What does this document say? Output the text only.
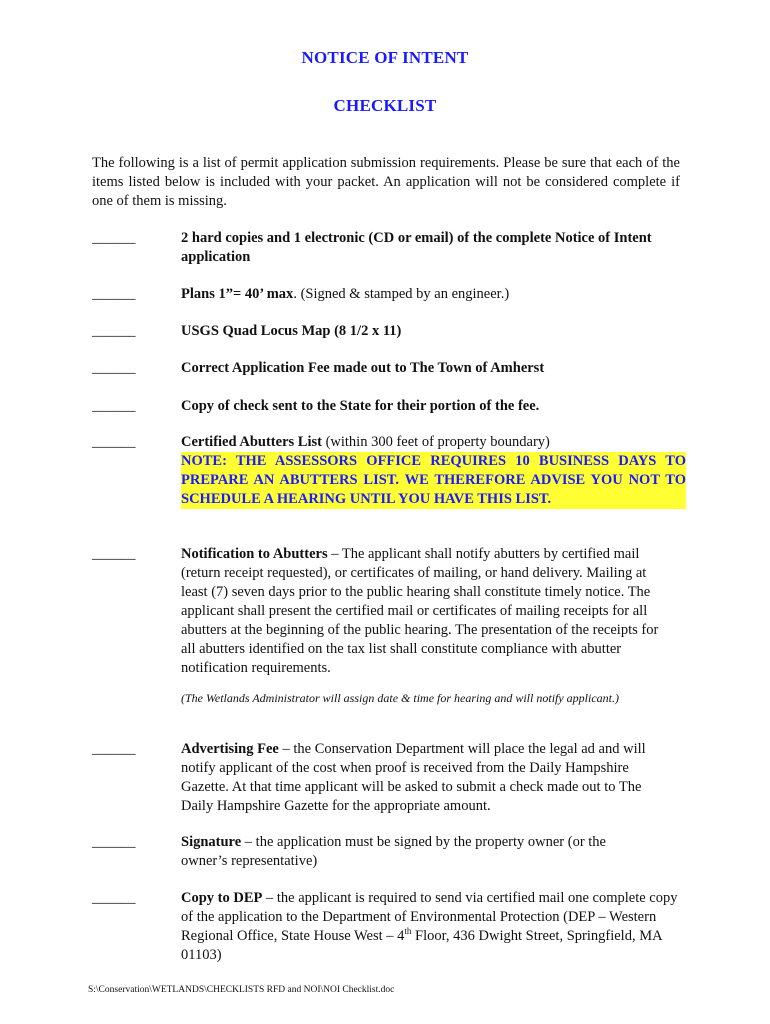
NOTICE OF INTENT
CHECKLIST
The following is a list of permit application submission requirements. Please be sure that each of the items listed below is included with your packet. An application will not be considered complete if one of them is missing.
______	2 hard copies and 1 electronic (CD or email) of the complete Notice of Intent application
______	Plans 1”= 40’ max. (Signed & stamped by an engineer.)
______	USGS Quad Locus Map (8 1/2 x 11)
______	Correct Application Fee made out to The Town of Amherst
______	Copy of check sent to the State for their portion of the fee.
______	Certified Abutters List (within 300 feet of property boundary)
NOTE: THE ASSESSORS OFFICE REQUIRES 10 BUSINESS DAYS TO PREPARE AN ABUTTERS LIST. WE THEREFORE ADVISE YOU NOT TO SCHEDULE A HEARING UNTIL YOU HAVE THIS LIST.
______	Notification to Abutters – The applicant shall notify abutters by certified mail (return receipt requested), or certificates of mailing, or hand delivery. Mailing at least (7) seven days prior to the public hearing shall constitute timely notice. The applicant shall present the certified mail or certificates of mailing receipts for all abutters at the beginning of the public hearing. The presentation of the receipts for all abutters identified on the tax list shall constitute compliance with abutter notification requirements.
(The Wetlands Administrator will assign date & time for hearing and will notify applicant.)
______	Advertising Fee – the Conservation Department will place the legal ad and will notify applicant of the cost when proof is received from the Daily Hampshire Gazette. At that time applicant will be asked to submit a check made out to The Daily Hampshire Gazette for the appropriate amount.
______	Signature – the application must be signed by the property owner (or the owner’s representative)
______	Copy to DEP – the applicant is required to send via certified mail one complete copy of the application to the Department of Environmental Protection (DEP – Western Regional Office, State House West – 4th Floor, 436 Dwight Street, Springfield, MA 01103)
S:\Conservation\WETLANDS\CHECKLISTS RFD and NOI\NOI Checklist.doc
